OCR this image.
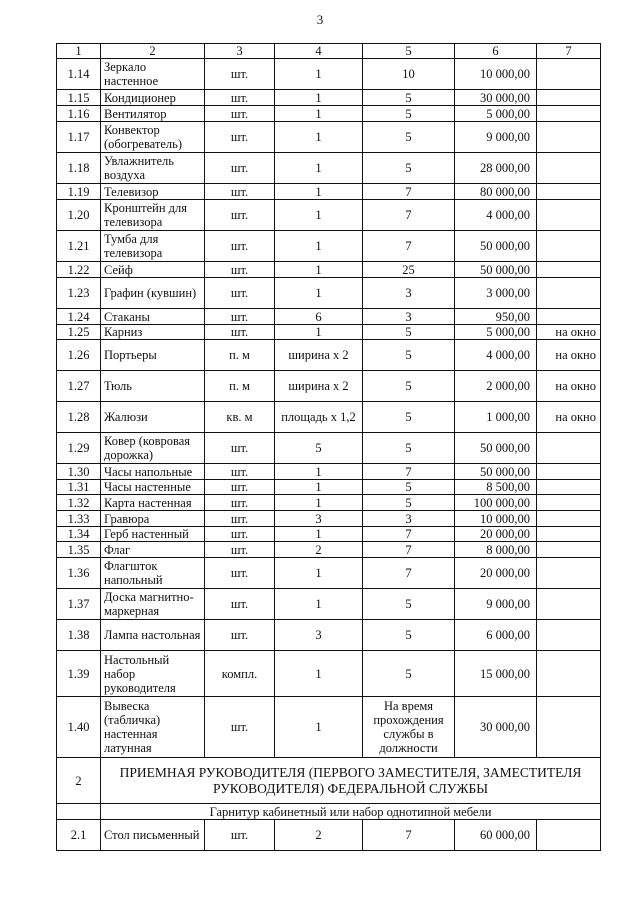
3
1	2	3	4	5	6	7
1.14	Зеркало настенное	шт.	1	10	10 000,00	
1.15	Кондиционер	шт.	1	5	30 000,00	
1.16	Вентилятор	шт.	1	5	5 000,00	
1.17	Конвектор (обогреватель)	шт.	1	5	9 000,00	
1.18	Увлажнитель воздуха	шт.	1	5	28 000,00	
1.19	Телевизор	шт.	1	7	80 000,00	
1.20	Кронштейн для телевизора	шт.	1	7	4 000,00	
1.21	Тумба для телевизора	шт.	1	7	50 000,00	
1.22	Сейф	шт.	1	25	50 000,00	
1.23	Графин (кувшин)	шт.	1	3	3 000,00	
1.24	Стаканы	шт.	6	3	950,00	
1.25	Карниз	шт.	1	5	5 000,00	на окно
1.26	Портьеры	п. м	ширина х 2	5	4 000,00	на окно
1.27	Тюль	п. м	ширина х 2	5	2 000,00	на окно
1.28	Жалюзи	кв. м	площадь х 1,2	5	1 000,00	на окно
1.29	Ковер (ковровая дорожка)	шт.	5	5	50 000,00	
1.30	Часы напольные	шт.	1	7	50 000,00	
1.31	Часы настенные	шт.	1	5	8 500,00	
1.32	Карта настенная	шт.	1	5	100 000,00	
1.33	Гравюра	шт.	3	3	10 000,00	
1.34	Герб настенный	шт.	1	7	20 000,00	
1.35	Флаг	шт.	2	7	8 000,00	
1.36	Флагшток напольный	шт.	1	7	20 000,00	
1.37	Доска магнитно-маркерная	шт.	1	5	9 000,00	
1.38	Лампа настольная	шт.	3	5	6 000,00	
1.39	Настольный набор руководителя	компл.	1	5	15 000,00	
1.40	Вывеска (табличка) настенная латунная	шт.	1	На время прохождения службы в должности	30 000,00	
2	ПРИЕМНАЯ РУКОВОДИТЕЛЯ (ПЕРВОГО ЗАМЕСТИТЕЛЯ, ЗАМЕСТИТЕЛЯ РУКОВОДИТЕЛЯ) ФЕДЕРАЛЬНОЙ СЛУЖБЫ					
	Гарнитур кабинетный или набор однотипной мебели					
2.1	Стол письменный	шт.	2	7	60 000,00	
